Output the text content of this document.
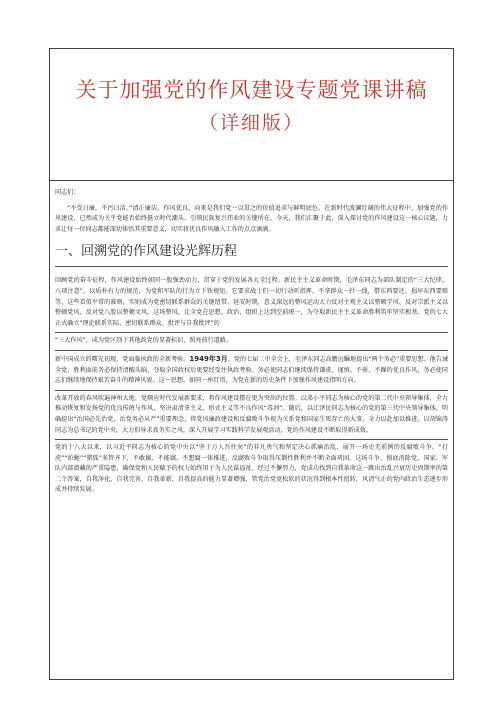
关于加强党的作风建设专题党课讲稿
（详细版）

同志们：

“不受日廉，不污曰洁。”清正廉洁、作风优良，向来是我们党一以贯之的价值追求与鲜明底色。在新时代波澜壮阔的伟大征程中，加强党的作风建设，已然成为关乎党能否始终挺立时代潮头、引领民族复兴伟业的关键所在。今天，我们汇聚于此，深入探讨党的作风建设这一核心议题，力求让每一位同志都能深切体悟其重要意义，切实将优良作风融入工作的点点滴滴。

一、回溯党的作风建设光辉历程

回顾党的奋斗征程，作风建设始终如同一股强劲动力，贯穿于党的发展各大全过程。新民主主义革命时期，毛泽东同志为部队制定的“三大纪律、八项注意”，以质朴有力的规范，为党和军队的行为立下铁规矩。它要求战士们一切行动听指挥，不拿群众一针一线，借东西要还、损坏东西要赔等，这些看似平常的准则，实则成为党密切联系群众的关键纽带。延安时期，意义深远的整风运动大力反对主观主义以整顿学风、反对宗派主义以整顿党风、反对党八股以整顿文风。这场整风，让全党在思想、政治、组织上达到空前统一，为夺取新民主主义革命胜利筑牢坚实根基。党的七大正式确立“理论联系实际、密切联系群众、批评与自我批评”的

“三大作风”，成为党区别于其他政党的显著标识，照亮前行道路。

新中国成立的曙光初现，党面临执政的全新考验。1949年3月，党的七届二中全会上，毛泽东同志高瞻远瞩地提出“两个务必”重要思想。他告诫全党，胜利面前务必保持清醒头脑，夺取全国政权后更要经受住执政考验。务必使同志们继续保持谦虚、谨慎、不骄、不躁的优良作风，务必使同志们继续地保持艰苦奋斗的精神风貌。这一思想，如同一座灯塔，为党在新的历史条件下加强作风建设指明方向。

改革开放的春风吹遍神州大地，党顺应时代发展新要求，将作风建设摆在更为突出的位置。以邓小平同志为核心的党的第二代中央领导集体，全力推动恢复和发扬党的优良传统与作风，坚决肃清拿主义、形式主义等不良作风“毒剂”。随后，以江泽民同志为核心的党的第三代中央领导集体，明确提出“治国必先治党，治党务必从严”重要理念，将党风廉政建设和反腐败斗争视为关系党和国家生死存亡的大事，全力以赴加以推进。以胡锦涛同志为总书记的党中央，大力倡导求真务实之风，深入开展学习实践科学发展观活动，党的作风建设不断取得新成效。

党的十八大以来，以习近平同志为核心的党中央以“坚于万人吾往矣”的非凡勇气和坚定决心抓痛治乱，展开一场史无前例的反腐败斗争。“打虎”“拍蝇”“猎狐”多管齐下，不敢腐、不能腐、不想腐一体推进，反腐败斗争取得压倒性胜利并不断全面巩固。这场斗争，彻底消除党、国家、军队内部潜藏的严重隐患，确保党和人民赋予的权力始终用于为人民谋福祉。经过不懈努力，党成功找到自我革命这一跳出治乱兴衰历史周期率的第二个答案，自我净化、自我完善、自我革新、自我提高的能力显著增强，管党治党宽松软的状况得到根本性扭转，风清气正的党内政治生态逐步形成并持续发展。
